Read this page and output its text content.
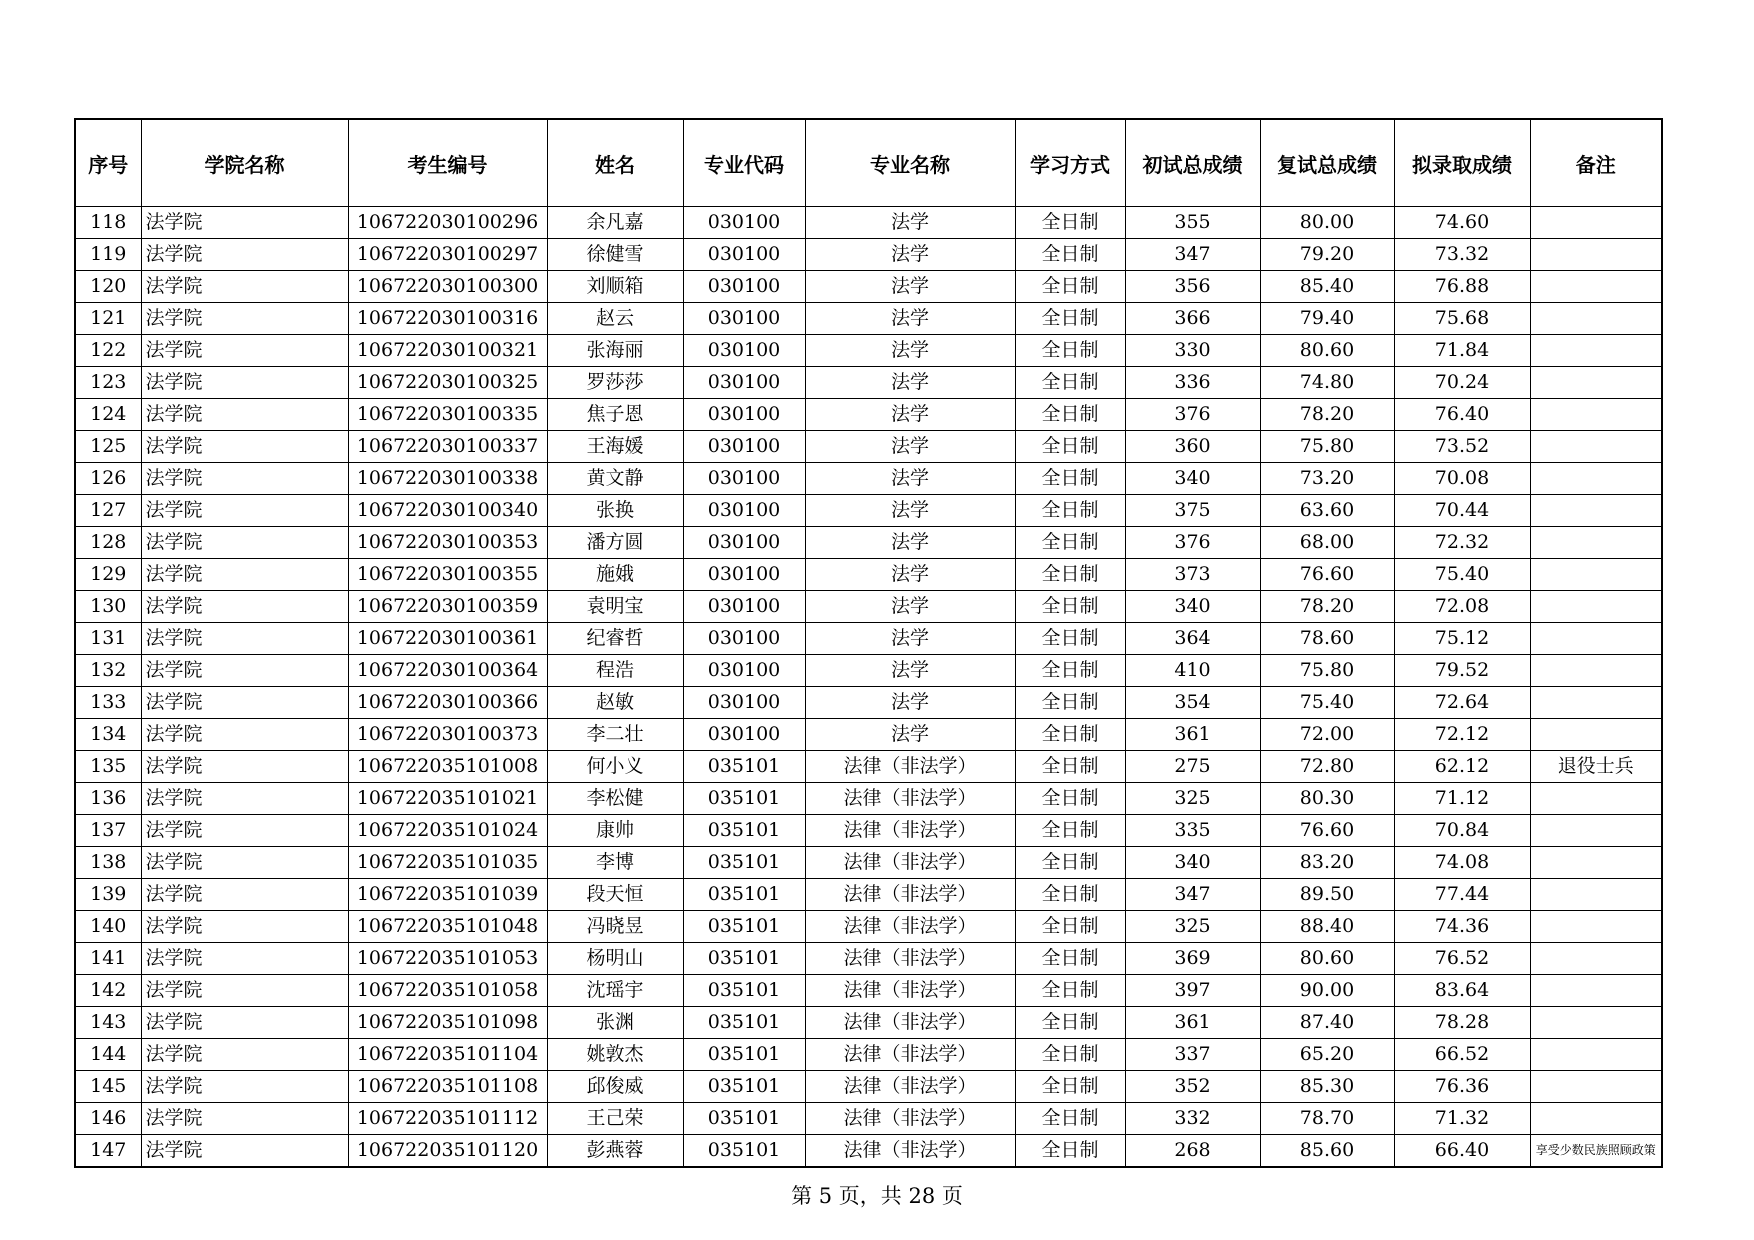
序号	学院名称	考生编号	姓名	专业代码	专业名称	学习方式	初试总成绩	复试总成绩	拟录取成绩	备注
118	法学院	106722030100296	余凡嘉	030100	法学	全日制	355	80.00	74.60	
119	法学院	106722030100297	徐健雪	030100	法学	全日制	347	79.20	73.32	
120	法学院	106722030100300	刘顺箱	030100	法学	全日制	356	85.40	76.88	
121	法学院	106722030100316	赵云	030100	法学	全日制	366	79.40	75.68	
122	法学院	106722030100321	张海丽	030100	法学	全日制	330	80.60	71.84	
123	法学院	106722030100325	罗莎莎	030100	法学	全日制	336	74.80	70.24	
124	法学院	106722030100335	焦子恩	030100	法学	全日制	376	78.20	76.40	
125	法学院	106722030100337	王海媛	030100	法学	全日制	360	75.80	73.52	
126	法学院	106722030100338	黄文静	030100	法学	全日制	340	73.20	70.08	
127	法学院	106722030100340	张换	030100	法学	全日制	375	63.60	70.44	
128	法学院	106722030100353	潘方圆	030100	法学	全日制	376	68.00	72.32	
129	法学院	106722030100355	施娥	030100	法学	全日制	373	76.60	75.40	
130	法学院	106722030100359	袁明宝	030100	法学	全日制	340	78.20	72.08	
131	法学院	106722030100361	纪睿哲	030100	法学	全日制	364	78.60	75.12	
132	法学院	106722030100364	程浩	030100	法学	全日制	410	75.80	79.52	
133	法学院	106722030100366	赵敏	030100	法学	全日制	354	75.40	72.64	
134	法学院	106722030100373	李二壮	030100	法学	全日制	361	72.00	72.12	
135	法学院	106722035101008	何小义	035101	法律（非法学）	全日制	275	72.80	62.12	退役士兵
136	法学院	106722035101021	李松健	035101	法律（非法学）	全日制	325	80.30	71.12	
137	法学院	106722035101024	康帅	035101	法律（非法学）	全日制	335	76.60	70.84	
138	法学院	106722035101035	李博	035101	法律（非法学）	全日制	340	83.20	74.08	
139	法学院	106722035101039	段天恒	035101	法律（非法学）	全日制	347	89.50	77.44	
140	法学院	106722035101048	冯晓昱	035101	法律（非法学）	全日制	325	88.40	74.36	
141	法学院	106722035101053	杨明山	035101	法律（非法学）	全日制	369	80.60	76.52	
142	法学院	106722035101058	沈瑶宇	035101	法律（非法学）	全日制	397	90.00	83.64	
143	法学院	106722035101098	张渊	035101	法律（非法学）	全日制	361	87.40	78.28	
144	法学院	106722035101104	姚敦杰	035101	法律（非法学）	全日制	337	65.20	66.52	
145	法学院	106722035101108	邱俊威	035101	法律（非法学）	全日制	352	85.30	76.36	
146	法学院	106722035101112	王己荣	035101	法律（非法学）	全日制	332	78.70	71.32	
147	法学院	106722035101120	彭燕蓉	035101	法律（非法学）	全日制	268	85.60	66.40	享受少数民族照顾政策
第 5 页，共 28 页
